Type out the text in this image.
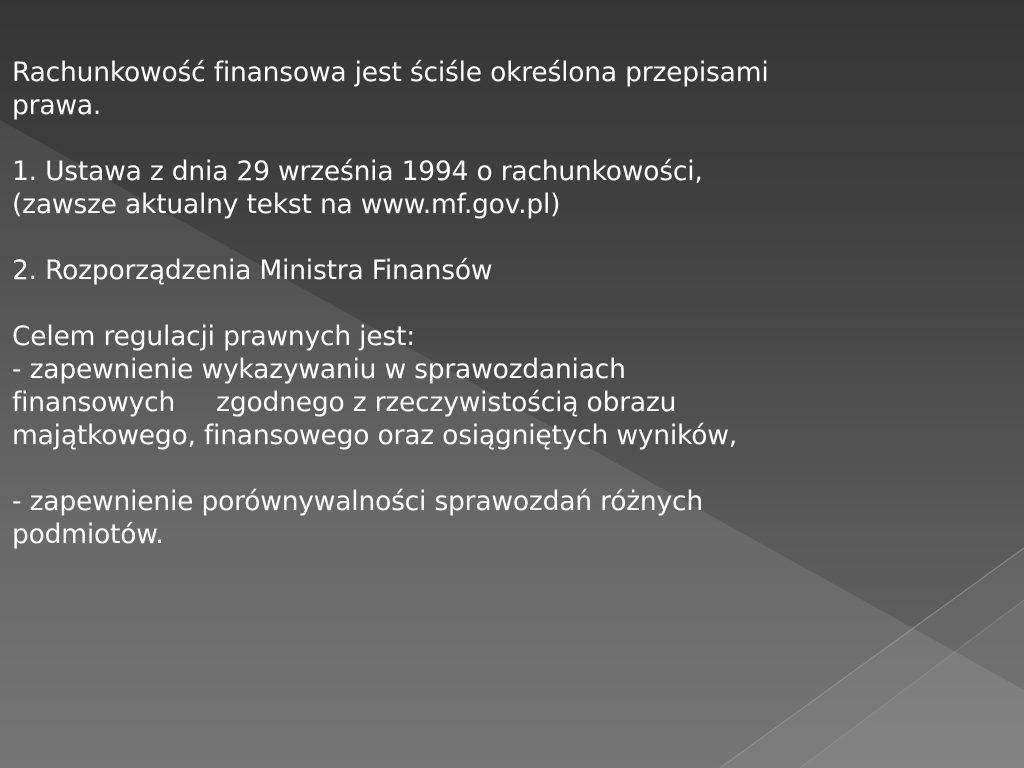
Rachunkowość finansowa jest ściśle określona przepisami

prawa.

1. Ustawa z dnia 29 września 1994 o rachunkowości,

(zawsze aktualny tekst na www.mf.gov.pl)

2. Rozporządzenia Ministra Finansów

Celem regulacji prawnych jest:

- zapewnienie wykazywaniu w sprawozdaniach

finansowych     zgodnego z rzeczywistością obrazu

majątkowego, finansowego oraz osiągniętych wyników,

- zapewnienie porównywalności sprawozdań różnych

podmiotów.
